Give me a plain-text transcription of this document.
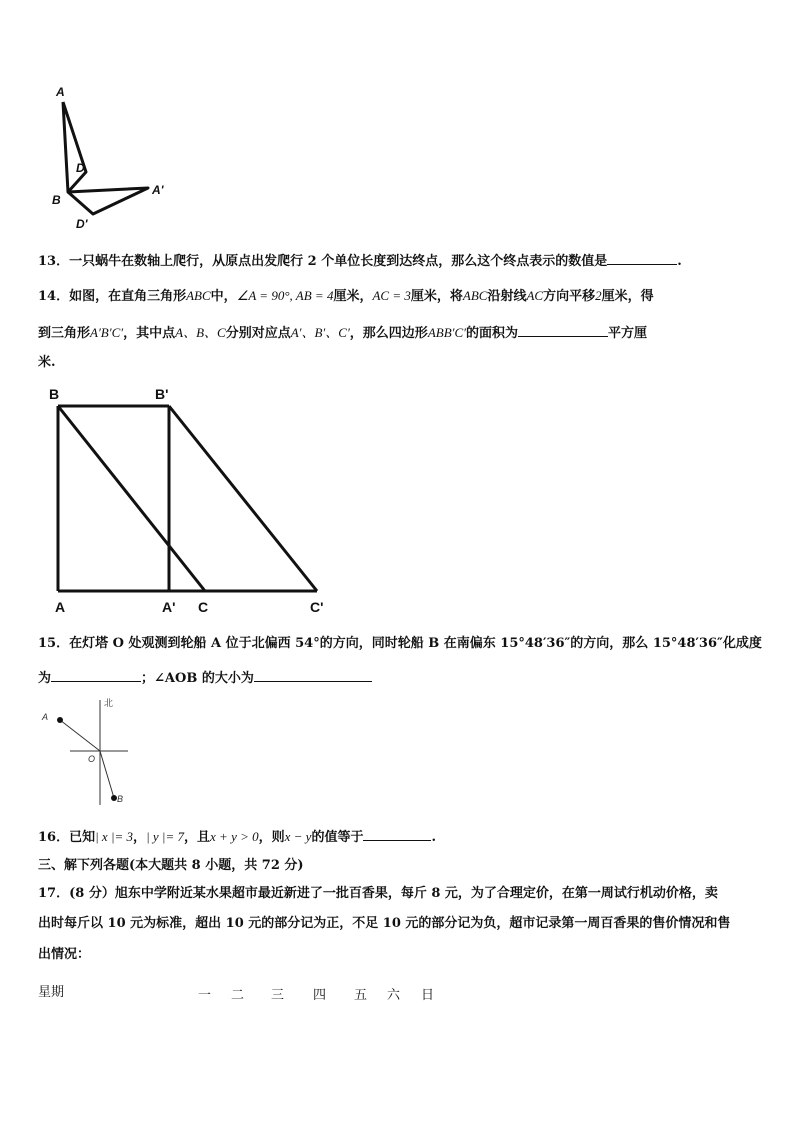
A
D
B
A'
D'
13．一只蜗牛在数轴上爬行，从原点出发爬行 2 个单位长度到达终点，那么这个终点表示的数值是	.
14．如图，在直角三角形ABC中，∠A = 90°, AB = 4厘米，AC = 3厘米，将ABC沿射线AC方向平移2厘米，得
到三角形A′B′C′，其中点A、B、C分别对应点A′、B′、C′，那么四边形ABB′C′的面积为	平方厘
米.
B	B'
A	A' C	C'
15．在灯塔 O 处观测到轮船 A 位于北偏西 54°的方向，同时轮船 B 在南偏东 15°48′36″的方向，那么 15°48′36″化成度
为	；∠AOB 的大小为
北
A
O
B
16．已知| x |= 3，| y |= 7，且x + y > 0，则x − y的值等于	.
三、解下列各题(本大题共 8 小题，共 72 分)
17．(8 分）旭东中学附近某水果超市最近新进了一批百香果，每斤 8 元，为了合理定价，在第一周试行机动价格，卖
出时每斤以 10 元为标准，超出 10 元的部分记为正，不足 10 元的部分记为负，超市记录第一周百香果的售价情况和售
出情况：
星期	一 二 三 四 五 六 日
